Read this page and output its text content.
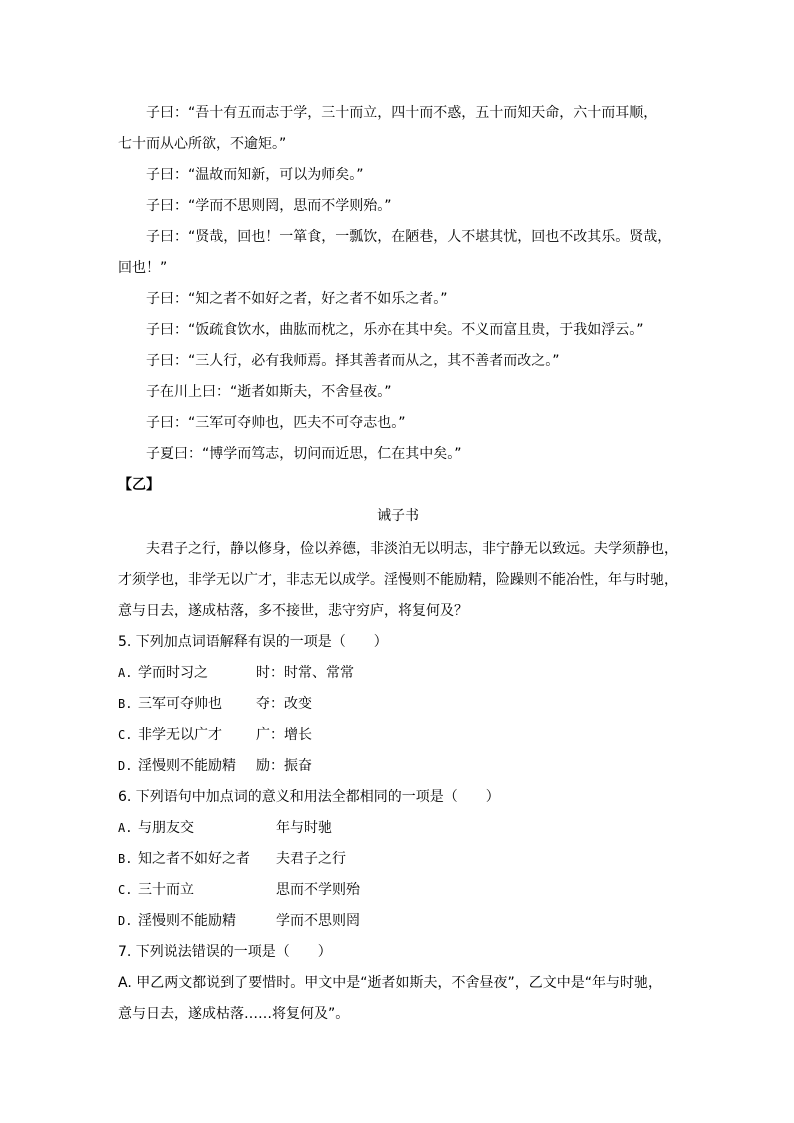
子曰：“吾十有五而志于学，三十而立，四十而不惑，五十而知天命，六十而耳顺，
七十而从心所欲，不逾矩。”
子曰：“温故而知新，可以为师矣。”
子曰：“学而不思则罔，思而不学则殆。”
子曰：“贤哉，回也！一箪食，一瓢饮，在陋巷，人不堪其忧，回也不改其乐。贤哉，
回也！”
子曰：“知之者不如好之者，好之者不如乐之者。”
子曰：“饭疏食饮水，曲肱而枕之，乐亦在其中矣。不义而富且贵，于我如浮云。”
子曰：“三人行，必有我师焉。择其善者而从之，其不善者而改之。”
子在川上曰：“逝者如斯夫，不舍昼夜。”
子曰：“三军可夺帅也，匹夫不可夺志也。”
子夏曰：“博学而笃志，切问而近思，仁在其中矣。”
【乙】
诫子书
夫君子之行，静以修身，俭以养德，非淡泊无以明志，非宁静无以致远。夫学须静也，
才须学也，非学无以广才，非志无以成学。淫慢则不能励精，险躁则不能冶性，年与时驰，
意与日去，遂成枯落，多不接世，悲守穷庐，将复何及？
5. 下列加点词语解释有误的一项是（　　）
A. 学而时习之	时：时常、常常
B. 三军可夺帅也	夺：改变
C. 非学无以广才	广：增长
D. 淫慢则不能励精	励：振奋
6. 下列语句中加点词的意义和用法全都相同的一项是（　　）
A. 与朋友交	年与时驰
B. 知之者不如好之者	夫君子之行
C. 三十而立	思而不学则殆
D. 淫慢则不能励精	学而不思则罔
7. 下列说法错误的一项是（　　）
A. 甲乙两文都说到了要惜时。甲文中是“逝者如斯夫，不舍昼夜”，乙文中是“年与时驰，
意与日去，遂成枯落……将复何及”。
